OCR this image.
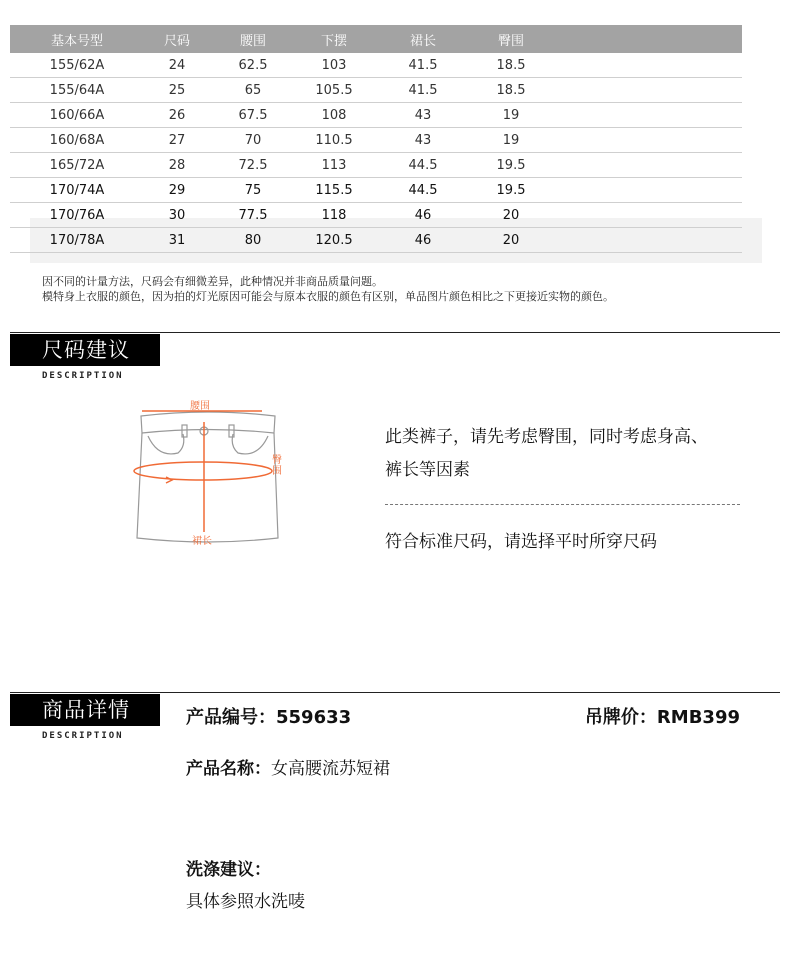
基本号型	尺码	腰围	下摆	裙长	臀围
155/62A	24	62.5	103	41.5	18.5
155/64A	25	65	105.5	41.5	18.5
160/66A	26	67.5	108	43	19
160/68A	27	70	110.5	43	19
165/72A	28	72.5	113	44.5	19.5
170/74A	29	75	115.5	44.5	19.5
170/76A	30	77.5	118	46	20
170/78A	31	80	120.5	46	20
因不同的计量方法，尺码会有细微差异，此种情况并非商品质量问题。
模特身上衣服的颜色，因为拍的灯光原因可能会与原本衣服的颜色有区别，单品图片颜色相比之下更接近实物的颜色。
尺码建议
DESCRIPTION
腰围
裙长
臀围
此类裤子，请先考虑臀围，同时考虑身高、
裤长等因素
符合标准尺码，请选择平时所穿尺码
商品详情
DESCRIPTION
产品编号：559633	吊牌价：RMB399
产品名称：女高腰流苏短裙
洗涤建议：
具体参照水洗唛
